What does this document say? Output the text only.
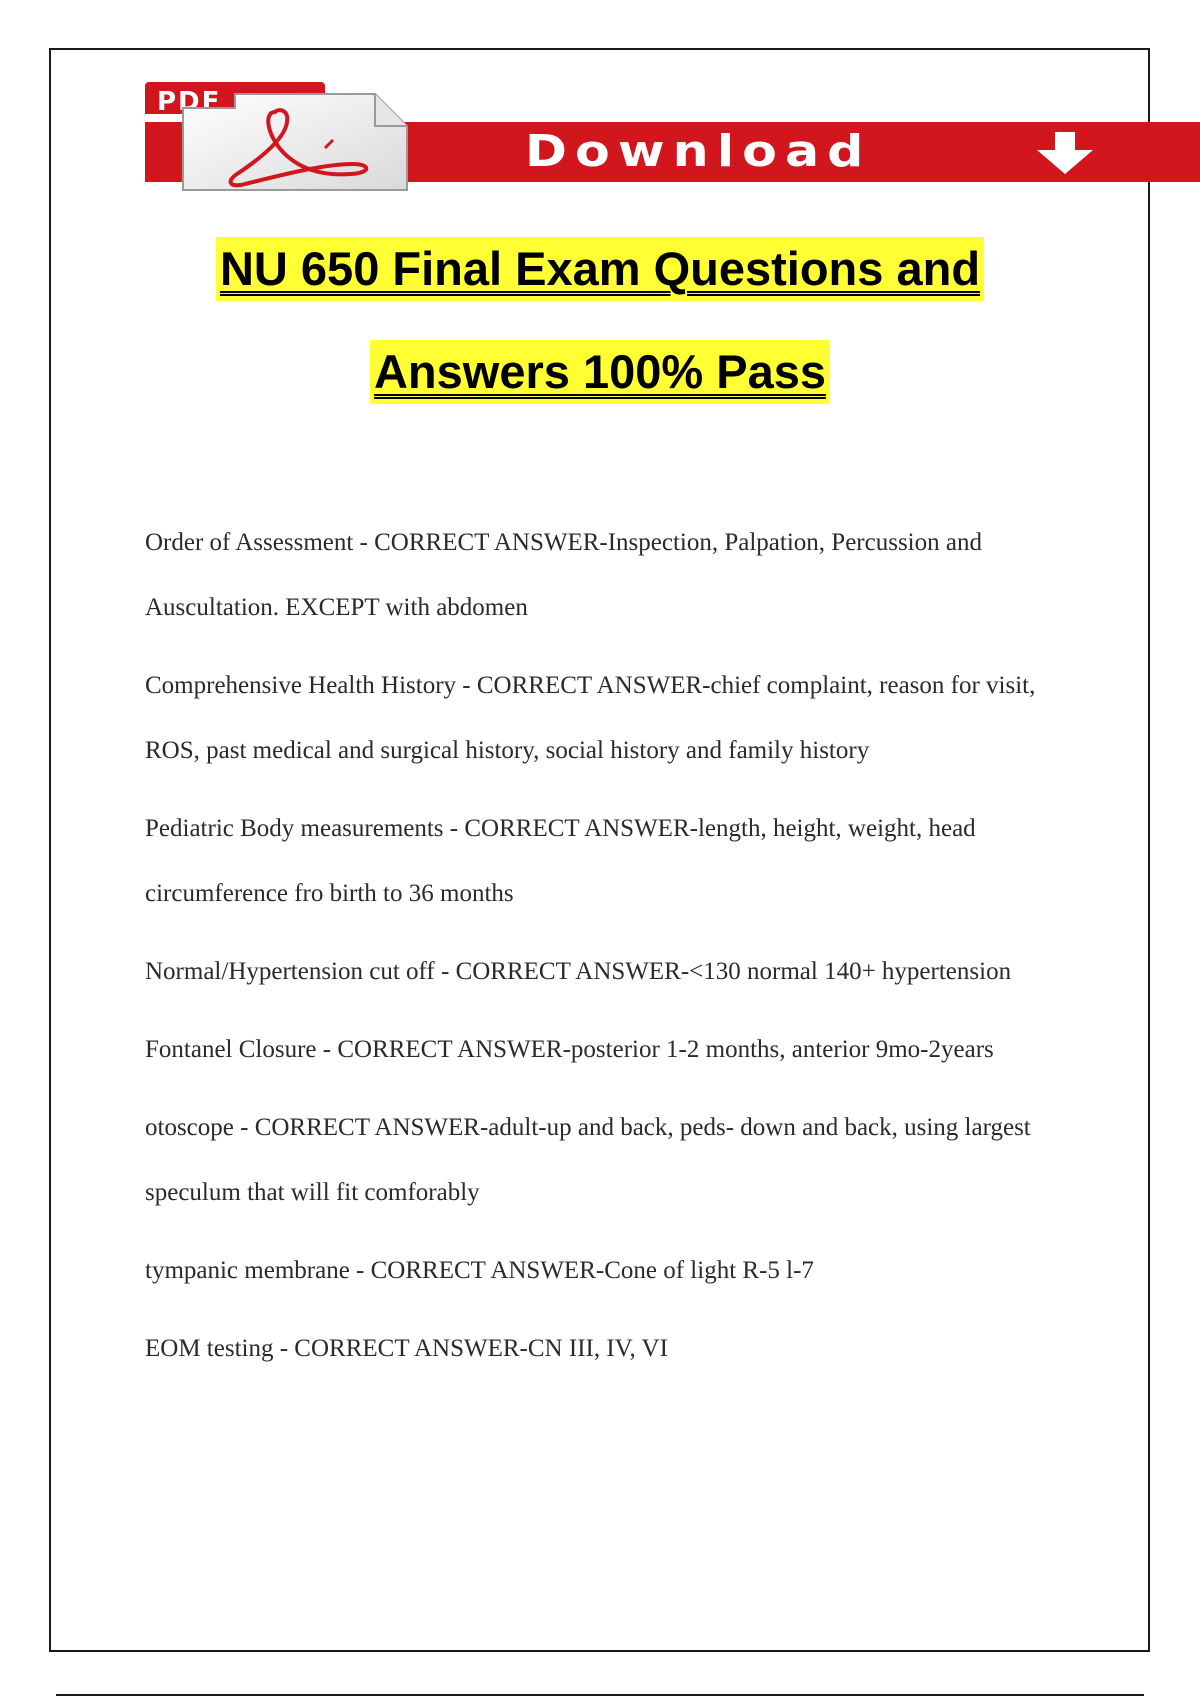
PDF
Download
NU 650 Final Exam Questions and
Answers 100% Pass

Order of Assessment - CORRECT ANSWER-Inspection, Palpation, Percussion and Auscultation. EXCEPT with abdomen

Comprehensive Health History - CORRECT ANSWER-chief complaint, reason for visit, ROS, past medical and surgical history, social history and family history

Pediatric Body measurements - CORRECT ANSWER-length, height, weight, head circumference fro birth to 36 months

Normal/Hypertension cut off - CORRECT ANSWER-<130 normal 140+ hypertension

Fontanel Closure - CORRECT ANSWER-posterior 1-2 months, anterior 9mo-2years

otoscope - CORRECT ANSWER-adult-up and back, peds- down and back, using largest speculum that will fit comforably

tympanic membrane - CORRECT ANSWER-Cone of light R-5 l-7

EOM testing - CORRECT ANSWER-CN III, IV, VI
